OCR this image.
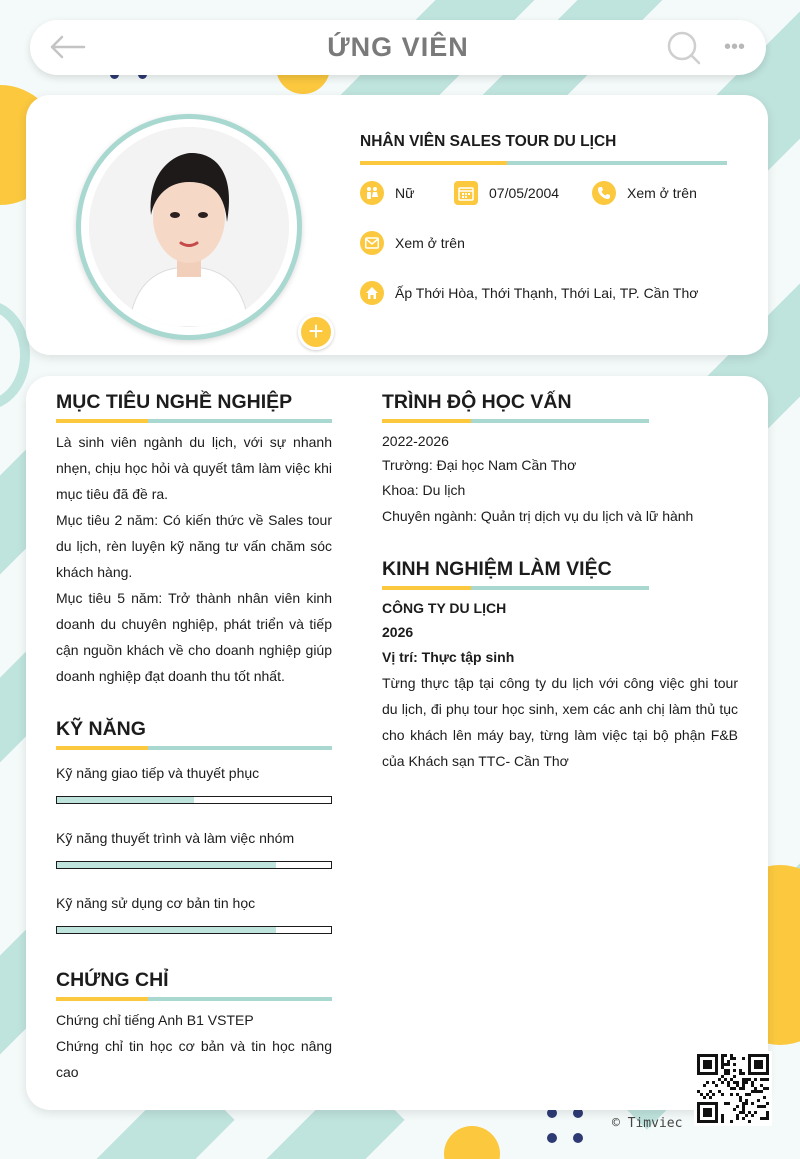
ỨNG VIÊN	•••
+
NHÂN VIÊN SALES TOUR DU LỊCH
Nữ	07/05/2004	Xem ở trên
Xem ở trên
Ấp Thới Hòa, Thới Thạnh, Thới Lai, TP. Cần Thơ
MỤC TIÊU NGHỀ NGHIỆP
Là sinh viên ngành du lịch, với sự nhanh nhẹn, chịu học hỏi và quyết tâm làm việc khi mục tiêu đã đề ra.
Mục tiêu 2 năm: Có kiến thức về Sales tour du lịch, rèn luyện kỹ năng tư vấn chăm sóc khách hàng.
Mục tiêu 5 năm: Trở thành nhân viên kinh doanh du chuyên nghiệp, phát triển và tiếp cận nguồn khách về cho doanh nghiệp giúp doanh nghiệp đạt doanh thu tốt nhất.
KỸ NĂNG
Kỹ năng giao tiếp và thuyết phục
Kỹ năng thuyết trình và làm việc nhóm
Kỹ năng sử dụng cơ bản tin học
CHỨNG CHỈ
Chứng chỉ tiếng Anh B1 VSTEP
Chứng chỉ tin học cơ bản và tin học nâng cao
TRÌNH ĐỘ HỌC VẤN
2022-2026
Trường: Đại học Nam Cần Thơ
Khoa: Du lịch
Chuyên ngành: Quản trị dịch vụ du lịch và lữ hành
KINH NGHIỆM LÀM VIỆC
CÔNG TY DU LỊCH
2026
Vị trí: Thực tập sinh
Từng thực tập tại công ty du lịch với công việc ghi tour du lịch, đi phụ tour học sinh, xem các anh chị làm thủ tục cho khách lên máy bay, từng làm việc tại bộ phận F&B của Khách sạn TTC- Cần Thơ
© Timviec
